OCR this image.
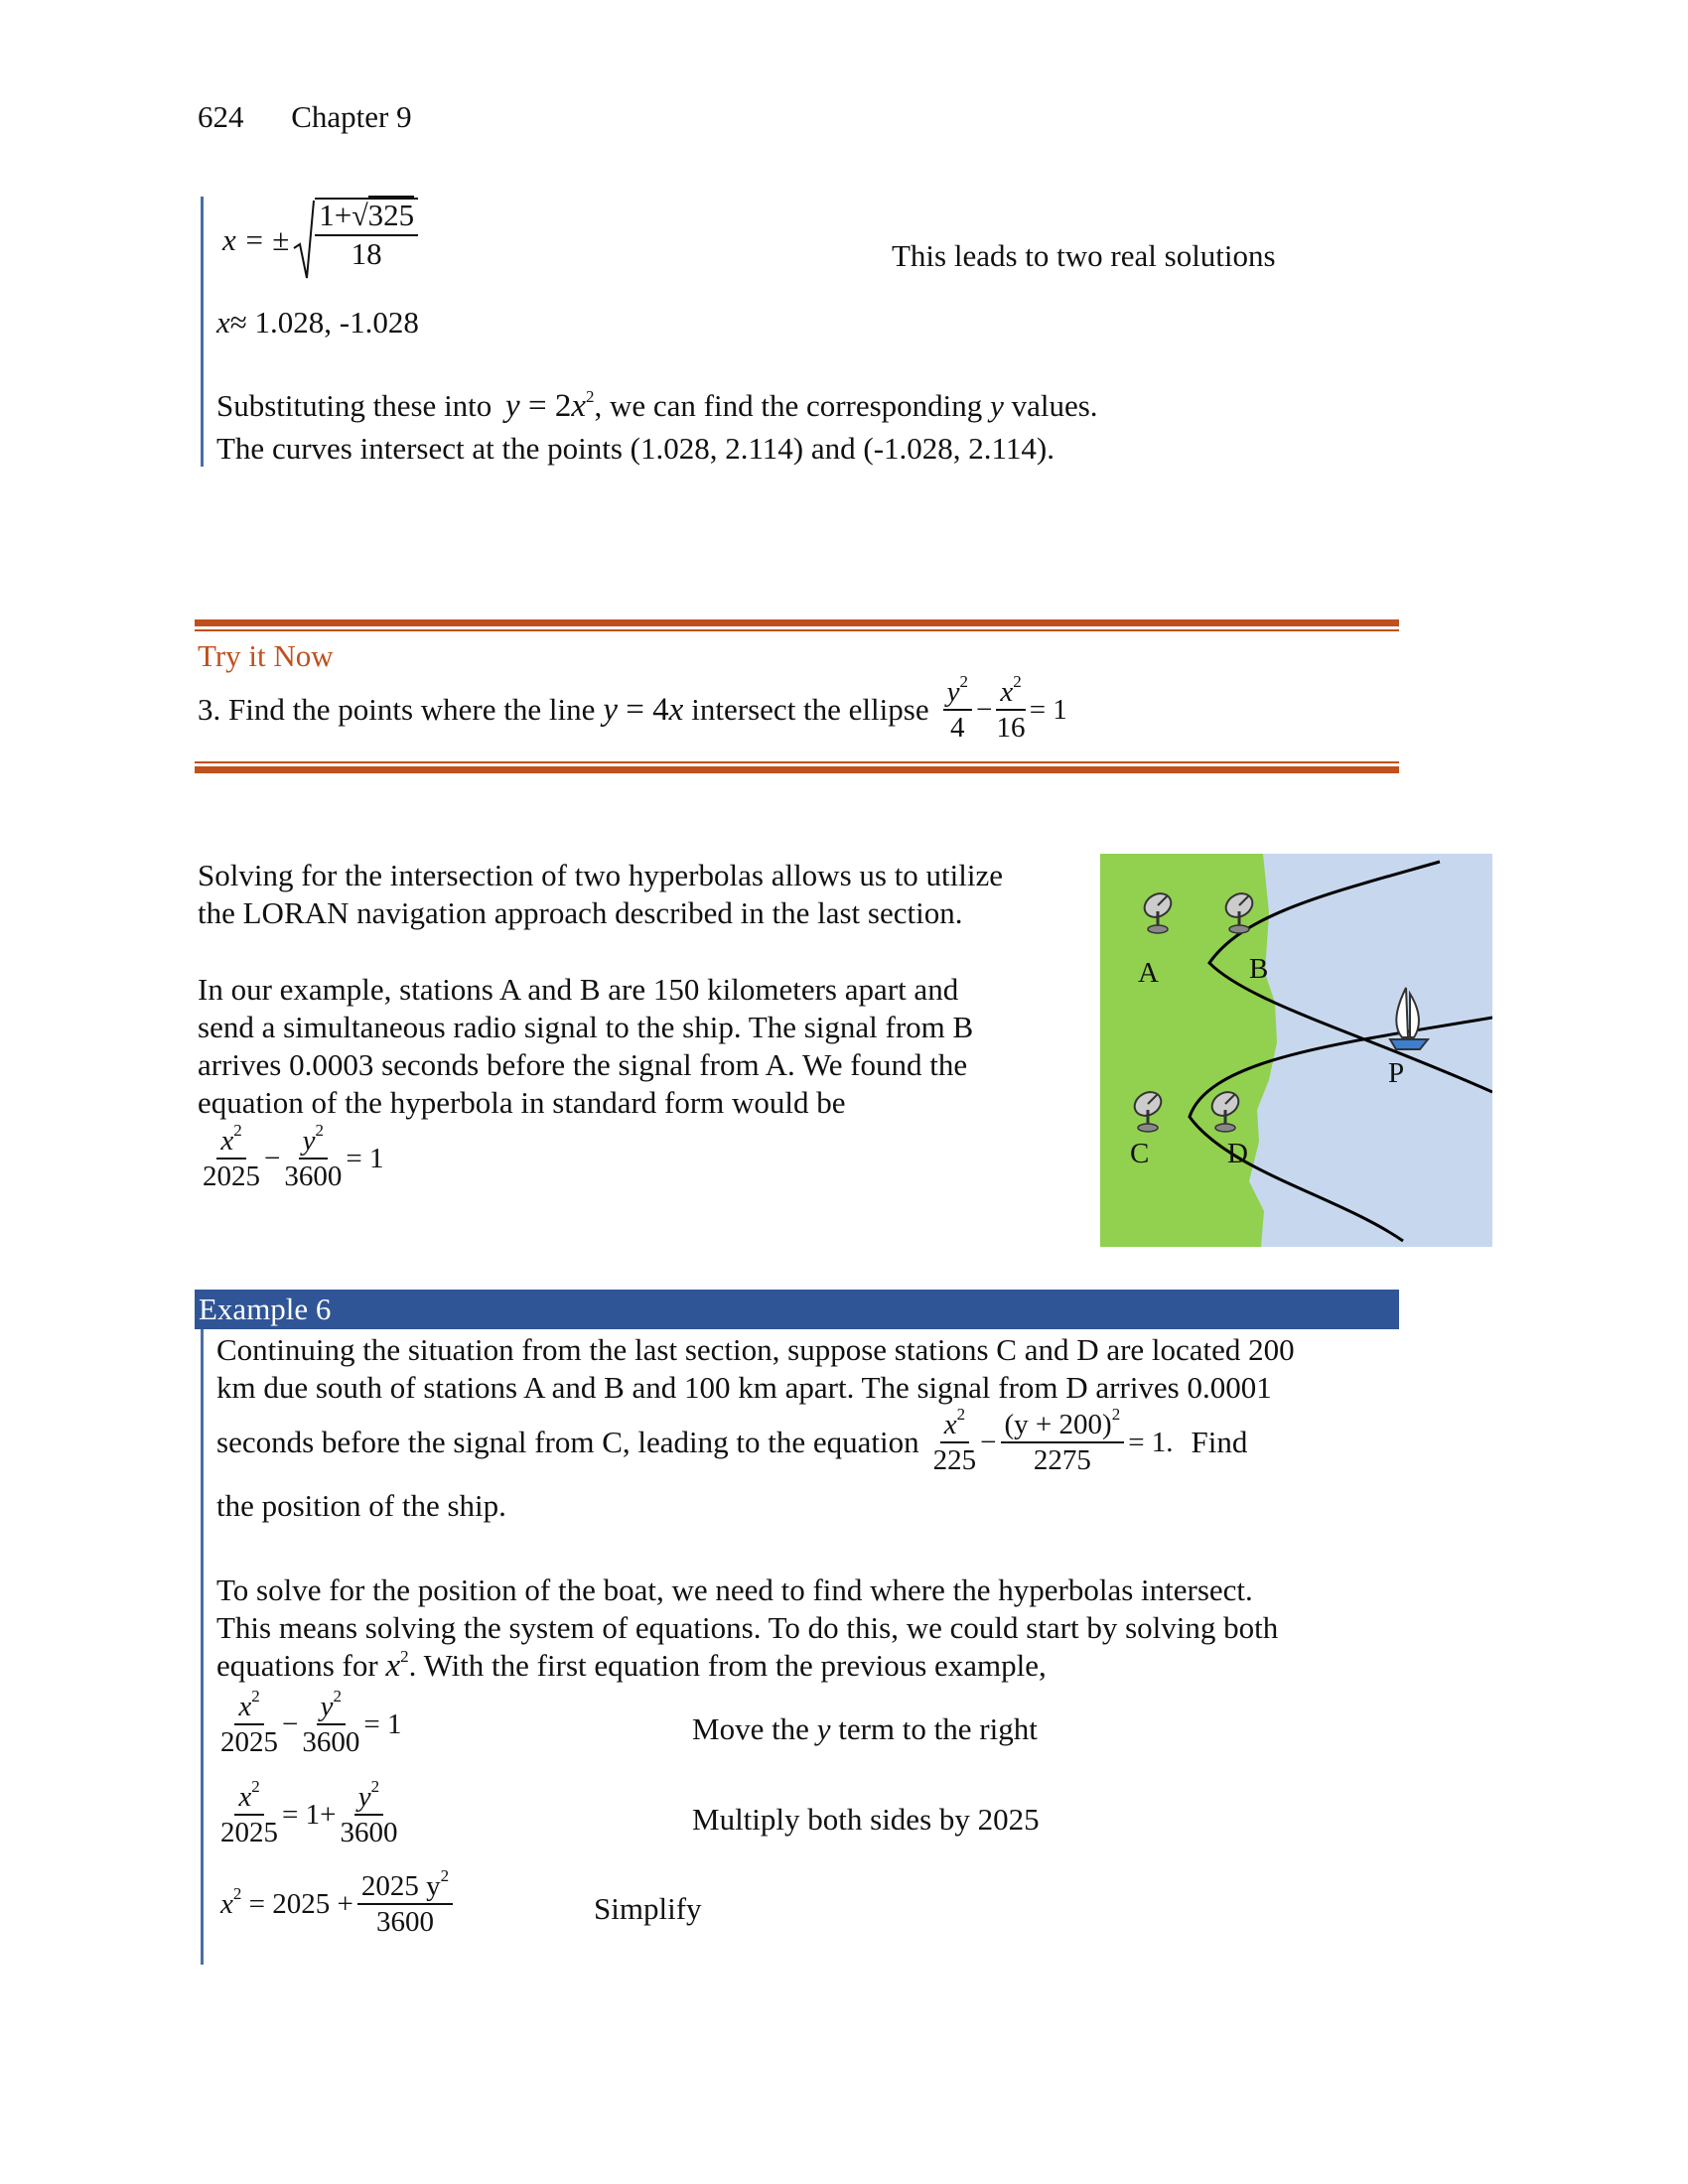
624 Chapter 9
x = ± $\frac{1+√325}{18}$	This leads to two real solutions
x≈ 1.028, -1.028
Substituting these into $y = 2x^2$, we can find the corresponding y values.
The curves intersect at the points (1.028, 2.114) and (-1.028, 2.114).
Try it Now
3. Find the points where the line y = 4x intersect the ellipse $\frac{y^2}{4} - \frac{x^2}{16} = 1$
Solving for the intersection of two hyperbolas allows us to utilize
the LORAN navigation approach described in the last section.
In our example, stations A and B are 150 kilometers apart and
send a simultaneous radio signal to the ship. The signal from B
arrives 0.0003 seconds before the signal from A. We found the
equation of the hyperbola in standard form would be
$\frac{x^2}{2025} - \frac{y^2}{3600} = 1$
A	B
C	D
P
Example 6
Continuing the situation from the last section, suppose stations C and D are located 200
km due south of stations A and B and 100 km apart. The signal from D arrives 0.0001
seconds before the signal from C, leading to the equation $\frac{x^2}{225} - \frac{(y + 200)^2}{2275} = 1$. Find
the position of the ship.
To solve for the position of the boat, we need to find where the hyperbolas intersect.
This means solving the system of equations. To do this, we could start by solving both
equations for $x^2$. With the first equation from the previous example,
$\frac{x^2}{2025} - \frac{y^2}{3600} = 1$	Move the y term to the right
$\frac{x^2}{2025} = 1+ \frac{y^2}{3600}$	Multiply both sides by 2025
$x^2 = 2025 + \frac{2025 y^2}{3600}$	Simplify
